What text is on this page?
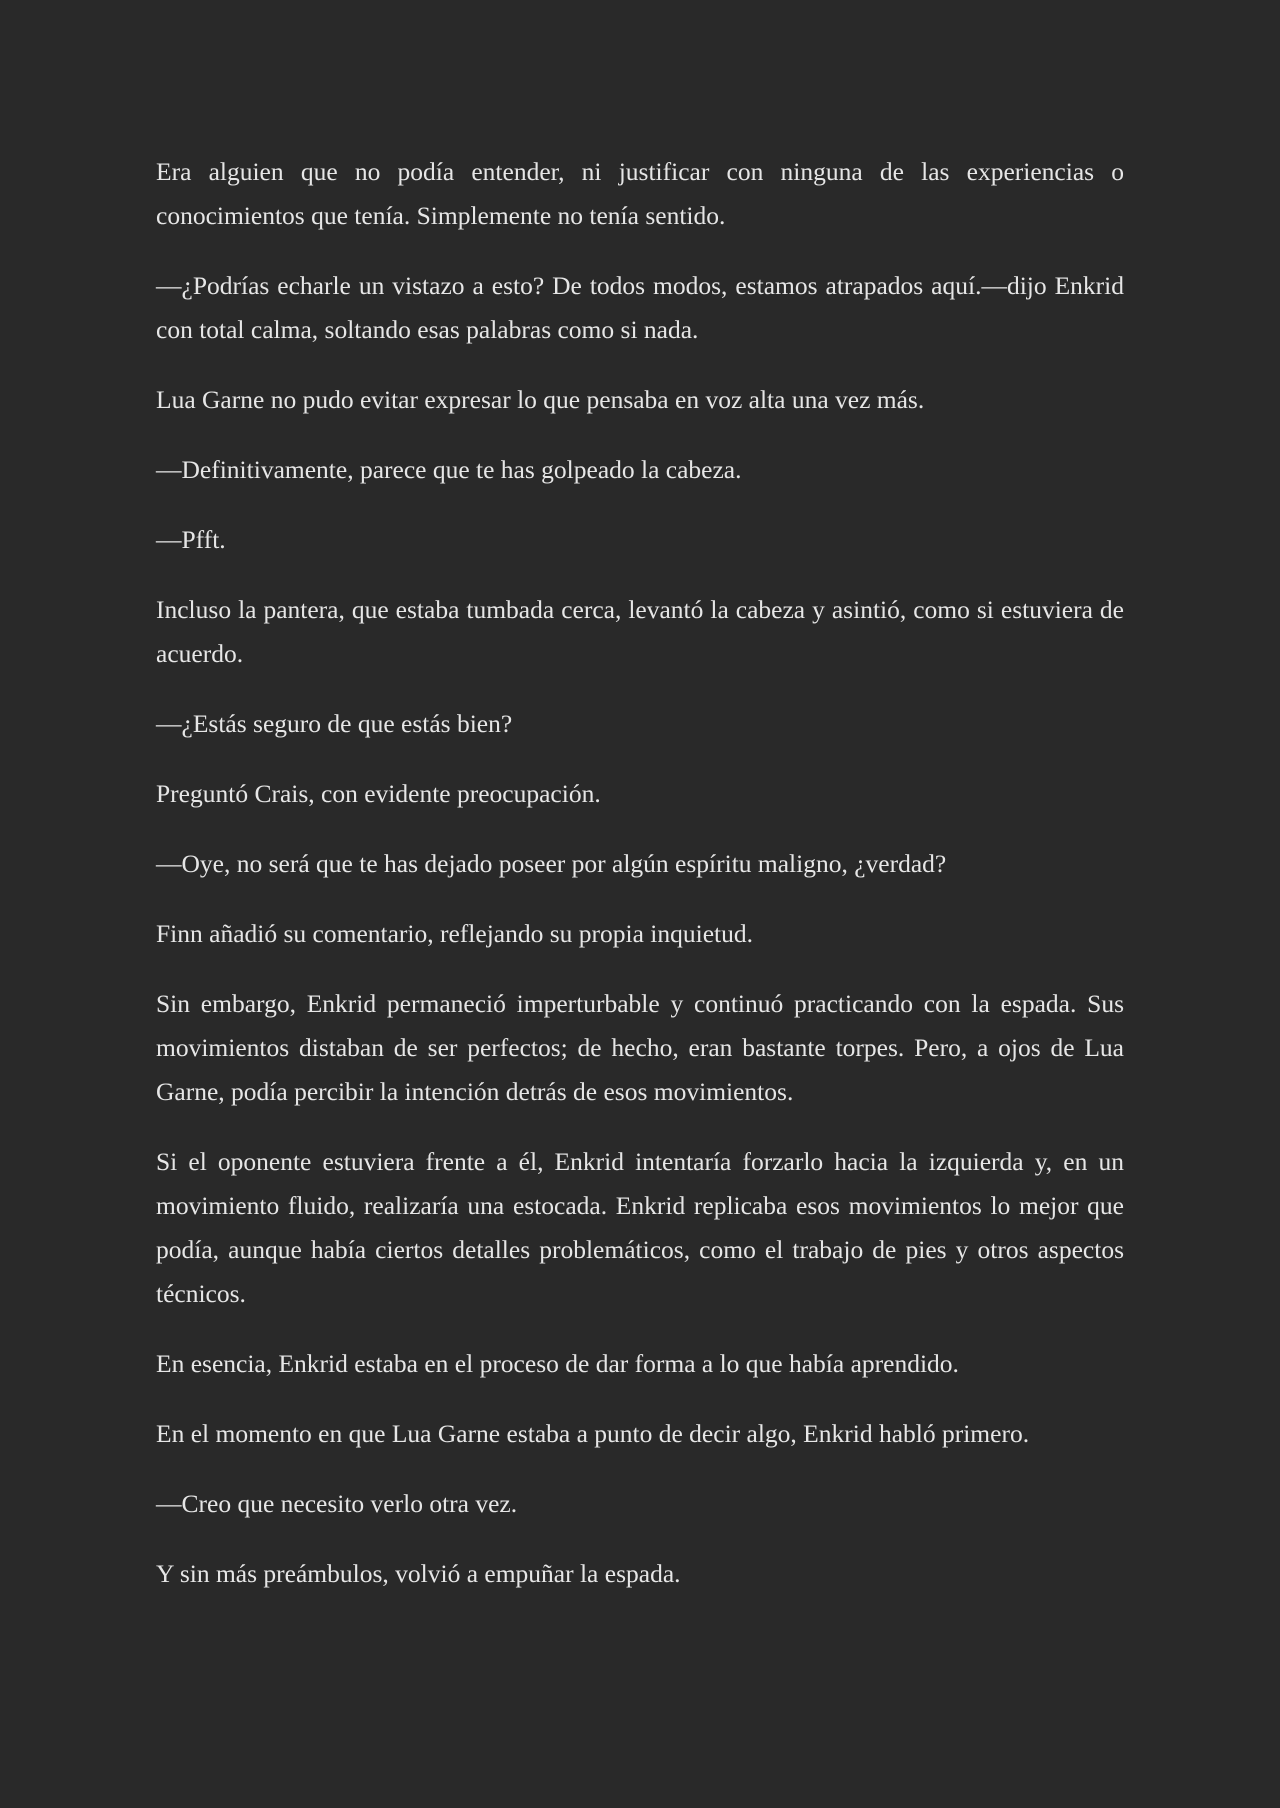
Era alguien que no podía entender, ni justificar con ninguna de las experiencias o conocimientos que tenía. Simplemente no tenía sentido.

—¿Podrías echarle un vistazo a esto? De todos modos, estamos atrapados aquí.—dijo Enkrid con total calma, soltando esas palabras como si nada.

Lua Garne no pudo evitar expresar lo que pensaba en voz alta una vez más.

—Definitivamente, parece que te has golpeado la cabeza.

—Pfft.

Incluso la pantera, que estaba tumbada cerca, levantó la cabeza y asintió, como si estuviera de acuerdo.

—¿Estás seguro de que estás bien?

Preguntó Crais, con evidente preocupación.

—Oye, no será que te has dejado poseer por algún espíritu maligno, ¿verdad?

Finn añadió su comentario, reflejando su propia inquietud.

Sin embargo, Enkrid permaneció imperturbable y continuó practicando con la espada. Sus movimientos distaban de ser perfectos; de hecho, eran bastante torpes. Pero, a ojos de Lua Garne, podía percibir la intención detrás de esos movimientos.

Si el oponente estuviera frente a él, Enkrid intentaría forzarlo hacia la izquierda y, en un movimiento fluido, realizaría una estocada. Enkrid replicaba esos movimientos lo mejor que podía, aunque había ciertos detalles problemáticos, como el trabajo de pies y otros aspectos técnicos.

En esencia, Enkrid estaba en el proceso de dar forma a lo que había aprendido.

En el momento en que Lua Garne estaba a punto de decir algo, Enkrid habló primero.

—Creo que necesito verlo otra vez.

Y sin más preámbulos, volvió a empuñar la espada.
